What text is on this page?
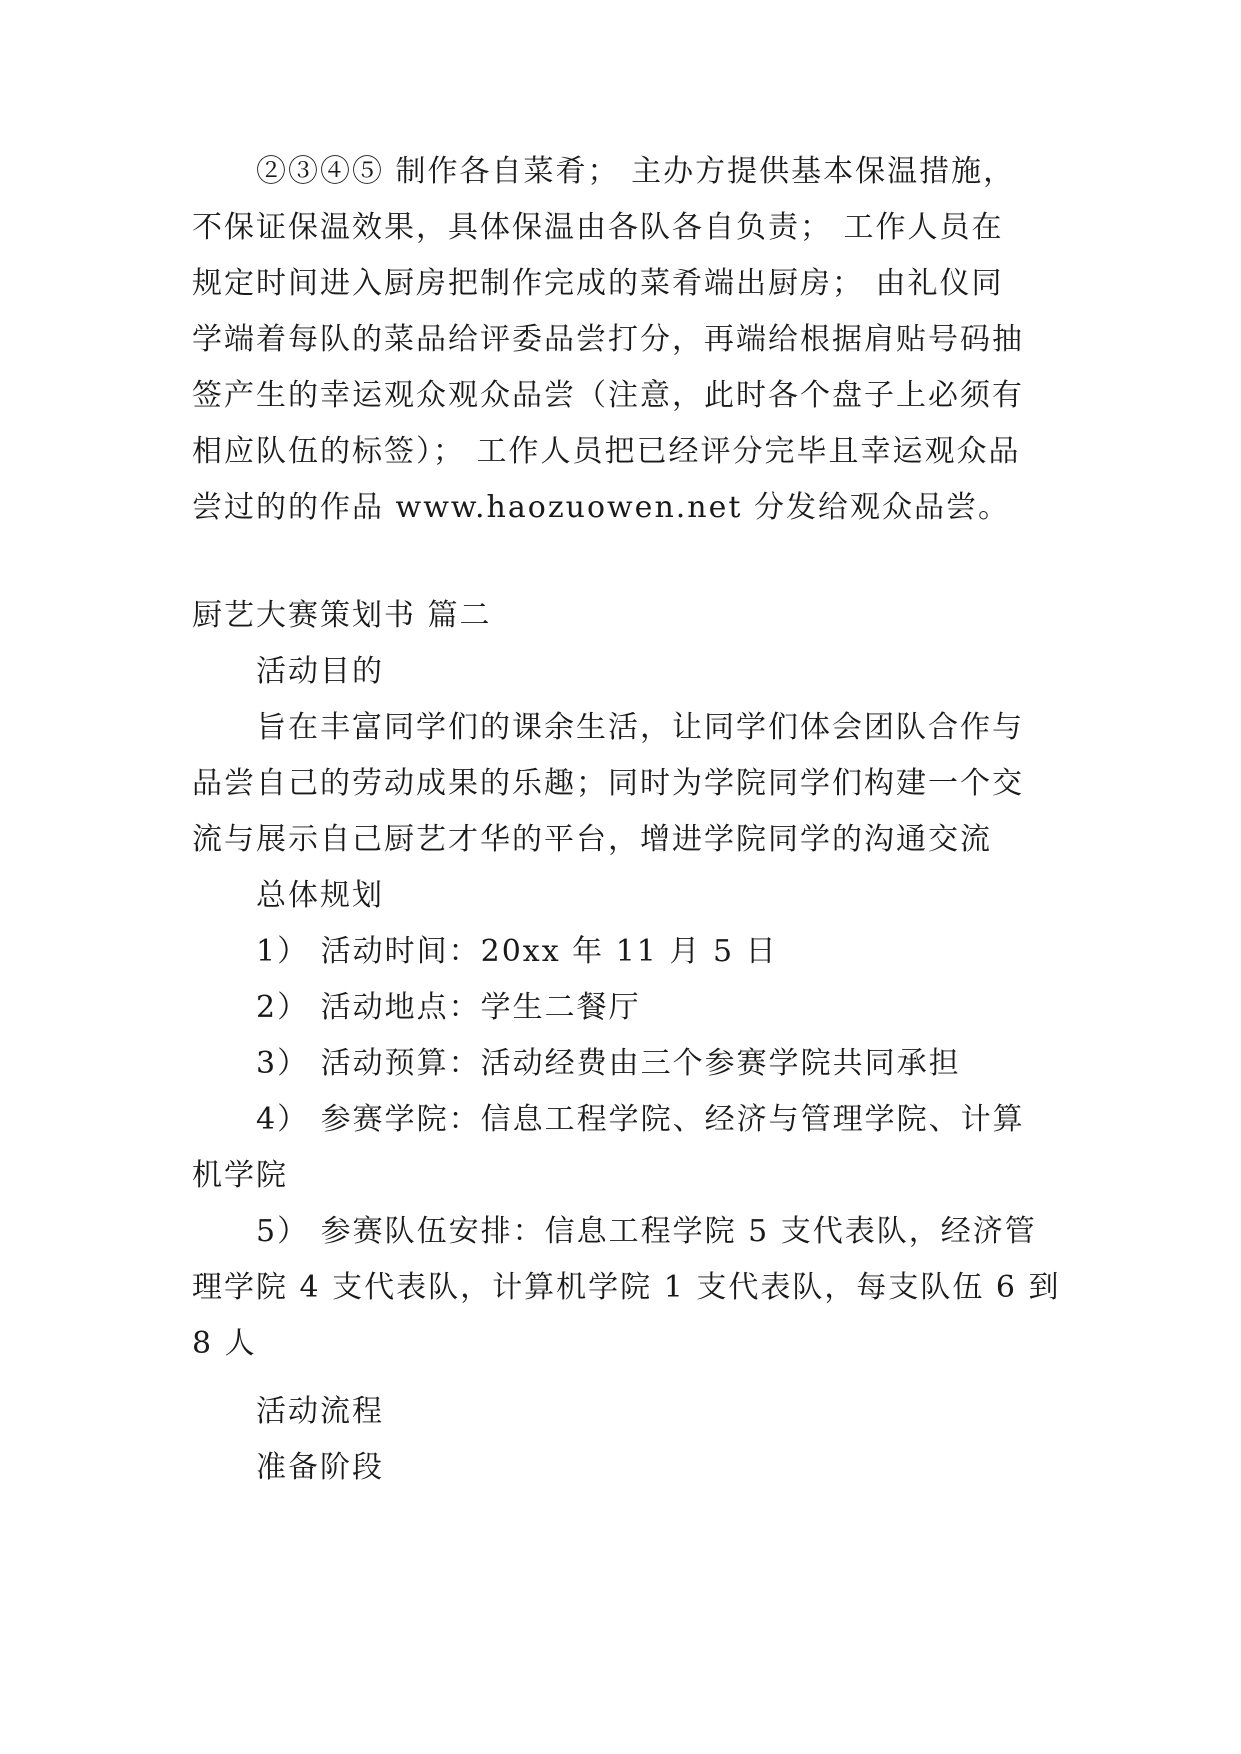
②③④⑤ 制作各自菜肴； 主办方提供基本保温措施，
不保证保温效果，具体保温由各队各自负责； 工作人员在
规定时间进入厨房把制作完成的菜肴端出厨房； 由礼仪同
学端着每队的菜品给评委品尝打分，再端给根据肩贴号码抽
签产生的幸运观众观众品尝（注意，此时各个盘子上必须有
相应队伍的标签）； 工作人员把已经评分完毕且幸运观众品
尝过的的作品 www.haozuowen.net 分发给观众品尝。
厨艺大赛策划书 篇二
活动目的
旨在丰富同学们的课余生活，让同学们体会团队合作与
品尝自己的劳动成果的乐趣；同时为学院同学们构建一个交
流与展示自己厨艺才华的平台，增进学院同学的沟通交流
总体规划
1） 活动时间：20xx 年 11 月 5 日
2） 活动地点：学生二餐厅
3） 活动预算：活动经费由三个参赛学院共同承担
4） 参赛学院：信息工程学院、经济与管理学院、计算
机学院
5） 参赛队伍安排：信息工程学院 5 支代表队，经济管
理学院 4 支代表队，计算机学院 1 支代表队，每支队伍 6 到
8 人
活动流程
准备阶段
